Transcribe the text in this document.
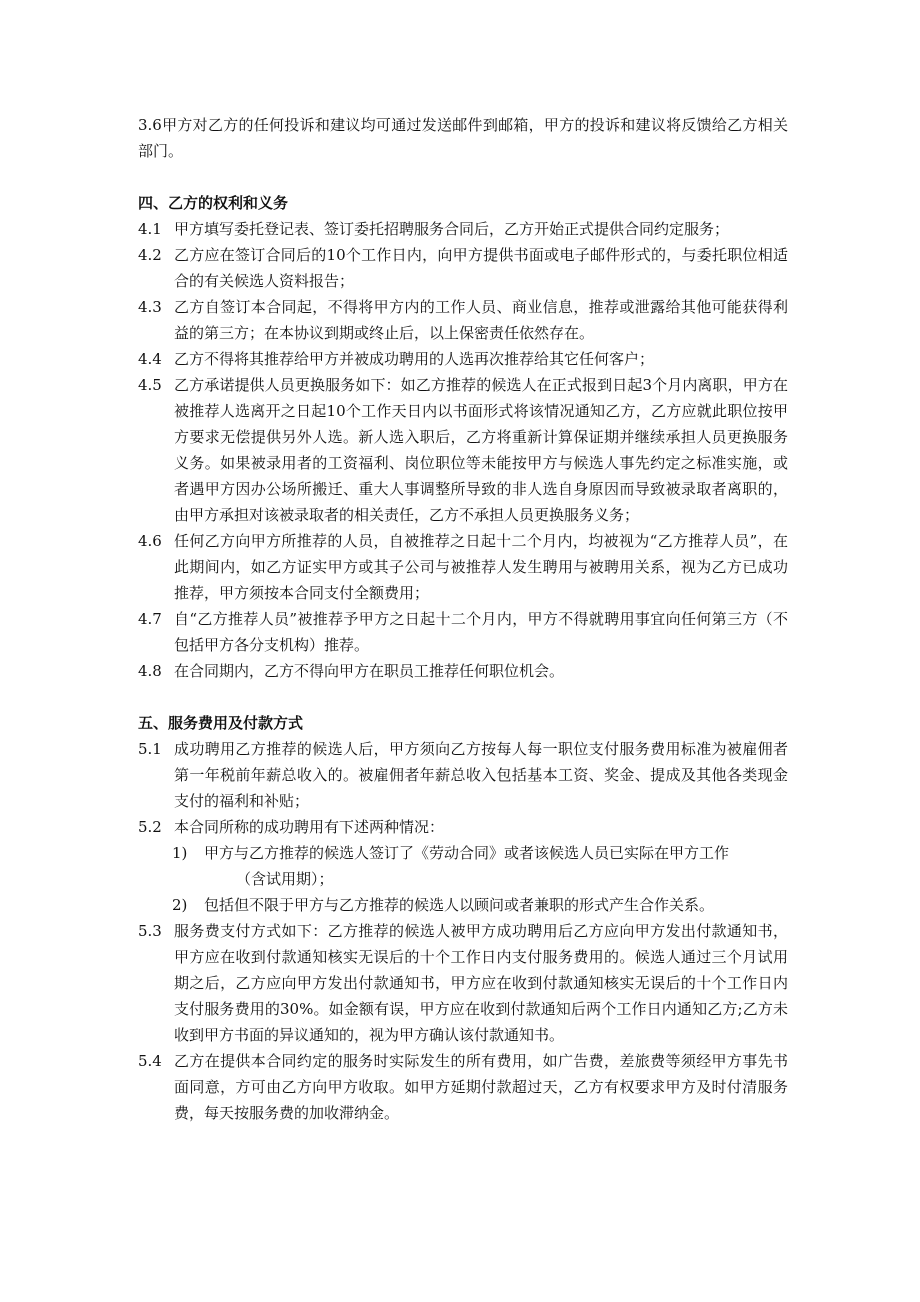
3.6甲方对乙方的任何投诉和建议均可通过发送邮件到邮箱，甲方的投诉和建议将反馈给乙方相关部门。
四、乙方的权利和义务
4.1 甲方填写委托登记表、签订委托招聘服务合同后，乙方开始正式提供合同约定服务；
4.2 乙方应在签订合同后的10个工作日内，向甲方提供书面或电子邮件形式的，与委托职位相适合的有关候选人资料报告；
4.3 乙方自签订本合同起，不得将甲方内的工作人员、商业信息，推荐或泄露给其他可能获得利益的第三方；在本协议到期或终止后，以上保密责任依然存在。
4.4 乙方不得将其推荐给甲方并被成功聘用的人选再次推荐给其它任何客户；
4.5 乙方承诺提供人员更换服务如下：如乙方推荐的候选人在正式报到日起3个月内离职，甲方在被推荐人选离开之日起10个工作天日内以书面形式将该情况通知乙方，乙方应就此职位按甲方要求无偿提供另外人选。新人选入职后，乙方将重新计算保证期并继续承担人员更换服务义务。如果被录用者的工资福利、岗位职位等未能按甲方与候选人事先约定之标准实施，或者遇甲方因办公场所搬迁、重大人事调整所导致的非人选自身原因而导致被录取者离职的，由甲方承担对该被录取者的相关责任，乙方不承担人员更换服务义务；
4.6 任何乙方向甲方所推荐的人员，自被推荐之日起十二个月内，均被视为“乙方推荐人员”，在此期间内，如乙方证实甲方或其子公司与被推荐人发生聘用与被聘用关系，视为乙方已成功推荐，甲方须按本合同支付全额费用；
4.7 自“乙方推荐人员”被推荐予甲方之日起十二个月内，甲方不得就聘用事宜向任何第三方（不包括甲方各分支机构）推荐。
4.8 在合同期内，乙方不得向甲方在职员工推荐任何职位机会。
五、服务费用及付款方式
5.1 成功聘用乙方推荐的候选人后，甲方须向乙方按每人每一职位支付服务费用标准为被雇佣者第一年税前年薪总收入的。被雇佣者年薪总收入包括基本工资、奖金、提成及其他各类现金支付的福利和补贴；
5.2 本合同所称的成功聘用有下述两种情况：
1) 甲方与乙方推荐的候选人签订了《劳动合同》或者该候选人员已实际在甲方工作
（含试用期）；
2) 包括但不限于甲方与乙方推荐的候选人以顾问或者兼职的形式产生合作关系。
5.3 服务费支付方式如下：乙方推荐的候选人被甲方成功聘用后乙方应向甲方发出付款通知书，甲方应在收到付款通知核实无误后的十个工作日内支付服务费用的。候选人通过三个月试用期之后，乙方应向甲方发出付款通知书，甲方应在收到付款通知核实无误后的十个工作日内支付服务费用的30%。如金额有误，甲方应在收到付款通知后两个工作日内通知乙方;乙方未收到甲方书面的异议通知的，视为甲方确认该付款通知书。
5.4 乙方在提供本合同约定的服务时实际发生的所有费用，如广告费，差旅费等须经甲方事先书面同意，方可由乙方向甲方收取。如甲方延期付款超过天，乙方有权要求甲方及时付清服务费，每天按服务费的加收滞纳金。
